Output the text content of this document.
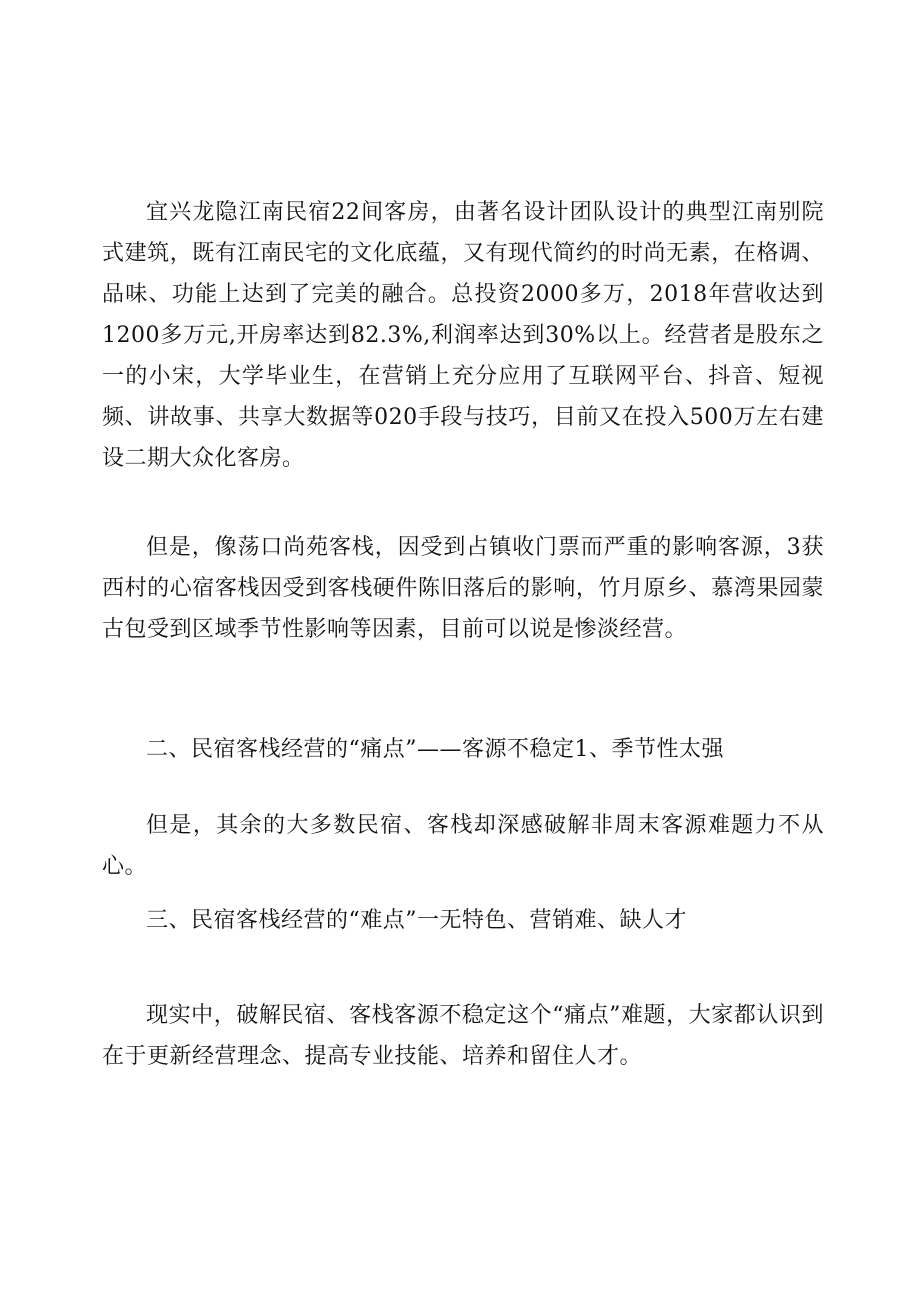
宜兴龙隐江南民宿22间客房，由著名设计团队设计的典型江南别院式建筑，既有江南民宅的文化底蕴，又有现代简约的时尚无素，在格调、品味、功能上达到了完美的融合。总投资2000多万，2018年营收达到1200多万元,开房率达到82.3%,利润率达到30%以上。经营者是股东之一的小宋，大学毕业生，在营销上充分应用了互联网平台、抖音、短视频、讲故事、共享大数据等020手段与技巧，目前又在投入500万左右建设二期大众化客房。

但是，像荡口尚苑客栈，因受到占镇收门票而严重的影响客源，3获西村的心宿客栈因受到客栈硬件陈旧落后的影响，竹月原乡、慕湾果园蒙古包受到区域季节性影响等因素，目前可以说是惨淡经营。

二、民宿客栈经营的“痛点”——客源不稳定1、季节性太强

但是，其余的大多数民宿、客栈却深感破解非周末客源难题力不从心。

三、民宿客栈经营的“难点”一无特色、营销难、缺人才

现实中，破解民宿、客栈客源不稳定这个“痛点”难题，大家都认识到在于更新经营理念、提高专业技能、培养和留住人才。
